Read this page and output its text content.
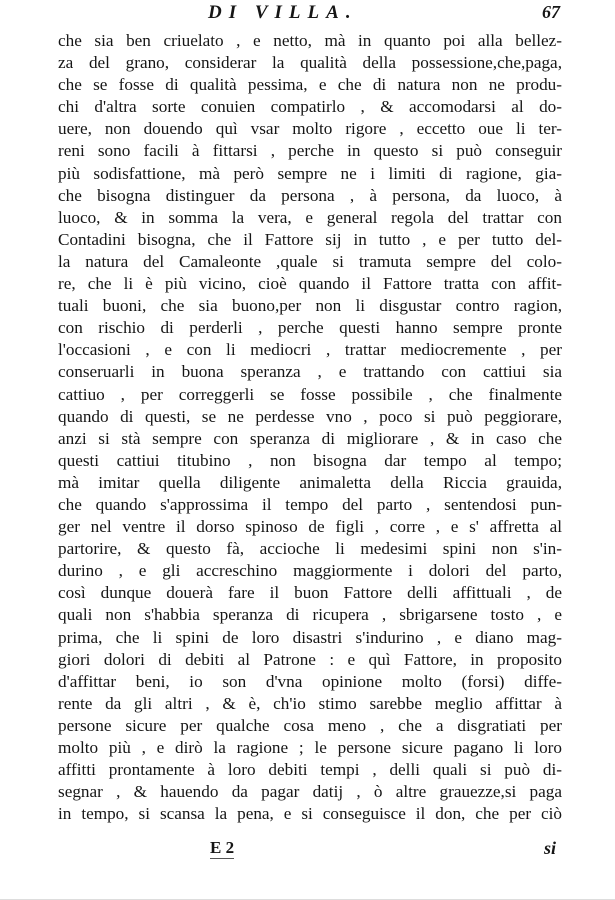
DI VILLA.	67
che sia ben criuelato , e netto, mà in quanto poi alla bellez-
za del grano, considerar la qualità della possessione,che,paga,
che se fosse di qualità pessima, e che di natura non ne produ-
chi d'altra sorte conuien compatirlo , & accomodarsi al do-
uere, non douendo quì vsar molto rigore , eccetto oue li ter-
reni sono facili à fittarsi , perche in questo si può conseguir
più sodisfattione, mà però sempre ne i limiti di ragione, gia-
che bisogna distinguer da persona , à persona, da luoco, à
luoco, & in somma la vera, e general regola del trattar con
Contadini bisogna, che il Fattore sij in tutto , e per tutto del-
la natura del Camaleonte ,quale si tramuta sempre del colo-
re, che li è più vicino, cioè quando il Fattore tratta con affit-
tuali buoni, che sia buono,per non li disgustar contro ragion,
con rischio di perderli , perche questi hanno sempre pronte
l'occasioni , e con li mediocri , trattar mediocremente , per
conseruarli in buona speranza , e trattando con cattiui sia
cattiuo , per correggerli se fosse possibile , che finalmente
quando di questi, se ne perdesse vno , poco si può peggiorare,
anzi si stà sempre con speranza di migliorare , & in caso che
questi cattiui titubino , non bisogna dar tempo al tempo;
mà imitar quella diligente animaletta della Riccia grauida,
che quando s'approssima il tempo del parto , sentendosi pun-
ger nel ventre il dorso spinoso de figli , corre , e s' affretta al
partorire, & questo fà, accioche li medesimi spini non s'in-
durino , e gli accreschino maggiormente i dolori del parto,
così dunque douerà fare il buon Fattore delli affittuali , de
quali non s'habbia speranza di ricupera , sbrigarsene tosto , e
prima, che li spini de loro disastri s'indurino , e diano mag-
giori dolori di debiti al Patrone : e quì Fattore, in proposito
d'affittar beni, io son d'vna opinione molto (forsi) diffe-
rente da gli altri , & è, ch'io stimo sarebbe meglio affittar à
persone sicure per qualche cosa meno , che a disgratiati per
molto più , e dirò la ragione ; le persone sicure pagano li loro
affitti prontamente à loro debiti tempi , delli quali si può di-
segnar , & hauendo da pagar datij , ò altre grauezze,si paga
in tempo, si scansa la pena, e si conseguisce il don, che per ciò
E 2	si
